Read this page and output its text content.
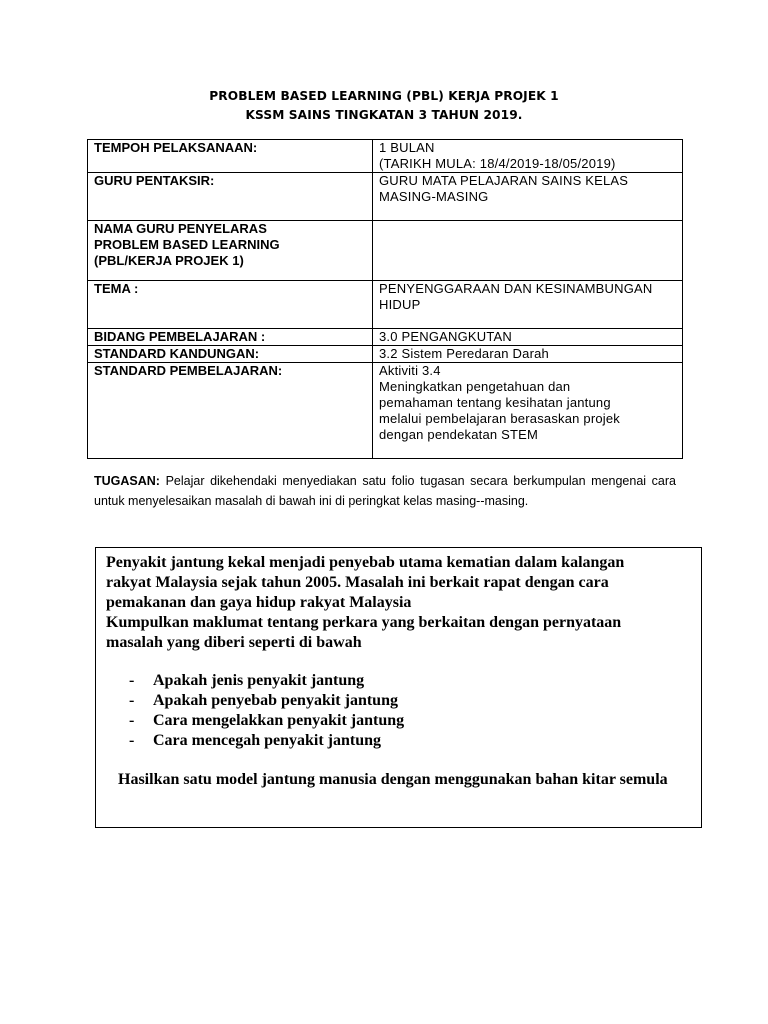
PROBLEM BASED LEARNING (PBL) KERJA PROJEK 1
KSSM SAINS TINGKATAN 3 TAHUN 2019.
TEMPOH PELAKSANAAN:	1 BULAN
(TARIKH MULA: 18/4/2019-18/05/2019)

GURU PENTAKSIR:	GURU MATA PELAJARAN SAINS KELAS
MASING-MASING

NAMA GURU PENYELARAS
PROBLEM BASED LEARNING
(PBL/KERJA PROJEK 1)	

TEMA :	PENYENGGARAAN DAN KESINAMBUNGAN
HIDUP

BIDANG PEMBELAJARAN :	3.0 PENGANGKUTAN

STANDARD KANDUNGAN:	3.2 Sistem Peredaran Darah

STANDARD PEMBELAJARAN:	Aktiviti 3.4
Meningkatkan pengetahuan dan
pemahaman tentang kesihatan jantung
melalui pembelajaran berasaskan projek
dengan pendekatan STEM
TUGASAN: Pelajar dikehendaki menyediakan satu folio tugasan secara berkumpulan mengenai cara untuk menyelesaikan masalah di bawah ini di peringkat kelas masing--masing.
Penyakit jantung kekal menjadi penyebab utama kematian dalam kalangan
rakyat Malaysia sejak tahun 2005. Masalah ini berkait rapat dengan cara
pemakanan dan gaya hidup rakyat Malaysia
Kumpulkan maklumat tentang perkara yang berkaitan dengan pernyataan
masalah yang diberi seperti di bawah
- Apakah jenis penyakit jantung
- Apakah penyebab penyakit jantung
- Cara mengelakkan penyakit jantung
- Cara mencegah penyakit jantung
Hasilkan satu model jantung manusia dengan menggunakan bahan kitar semula
